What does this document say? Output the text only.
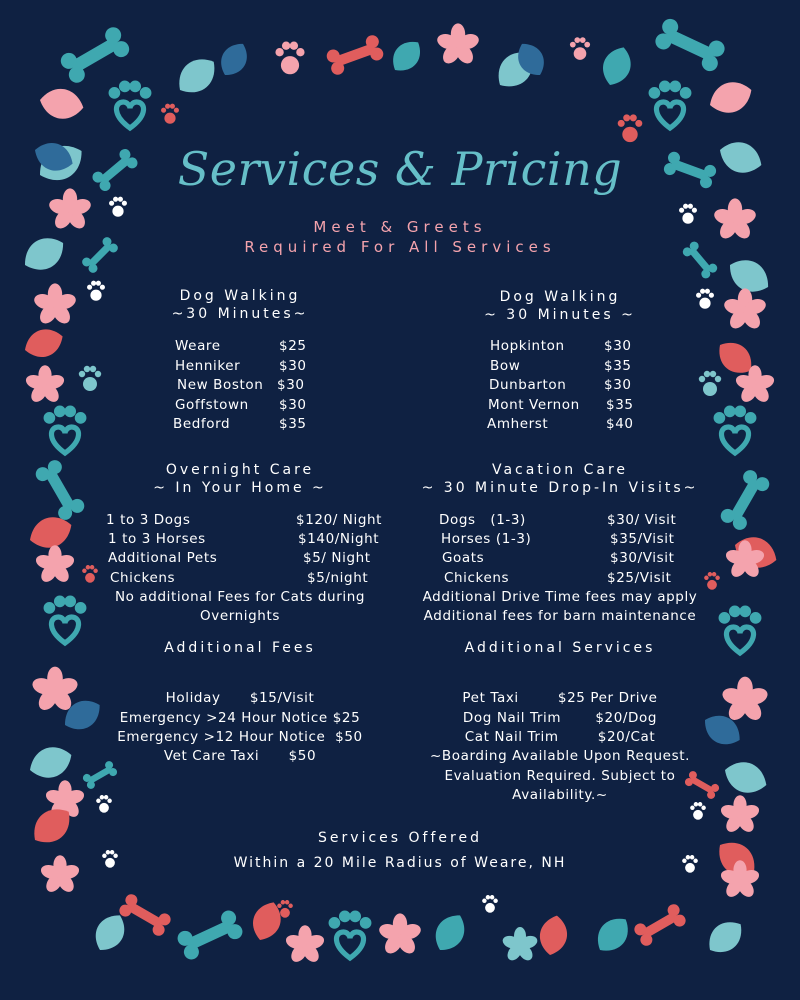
Services & Pricing
Meet & Greets
Required For All Services
Dog Walking
~30 Minutes~
Weare	$25
Henniker	$30
New Boston $30
Goffstown $30
Bedford	$35
Dog Walking
~ 30 Minutes ~
Hopkinton	$30
Bow	$35
Dunbarton	$30
Mont Vernon $35
Amherst	$40
Overnight Care
~ In Your Home ~
1 to 3 Dogs	$120/ Night
1 to 3 Horses	$140/Night
Additional Pets	$5/ Night
Chickens	$5/night
No additional Fees for Cats during
Overnights
Vacation Care
~ 30 Minute Drop-In Visits~
Dogs   (1-3)	$30/ Visit
Horses (1-3)	$35/Visit
Goats	$30/Visit
Chickens	$25/Visit
Additional Drive Time fees may apply
Additional fees for barn maintenance
Additional Fees
Holiday      $15/Visit
Emergency >24 Hour Notice $25
Emergency >12 Hour Notice  $50
Vet Care Taxi      $50
Additional Services
Pet Taxi        $25 Per Drive
Dog Nail Trim       $20/Dog
Cat Nail Trim        $20/Cat
~Boarding Available Upon Request.
Evaluation Required. Subject to
Availability.~
Services Offered
Within a 20 Mile Radius of Weare, NH
